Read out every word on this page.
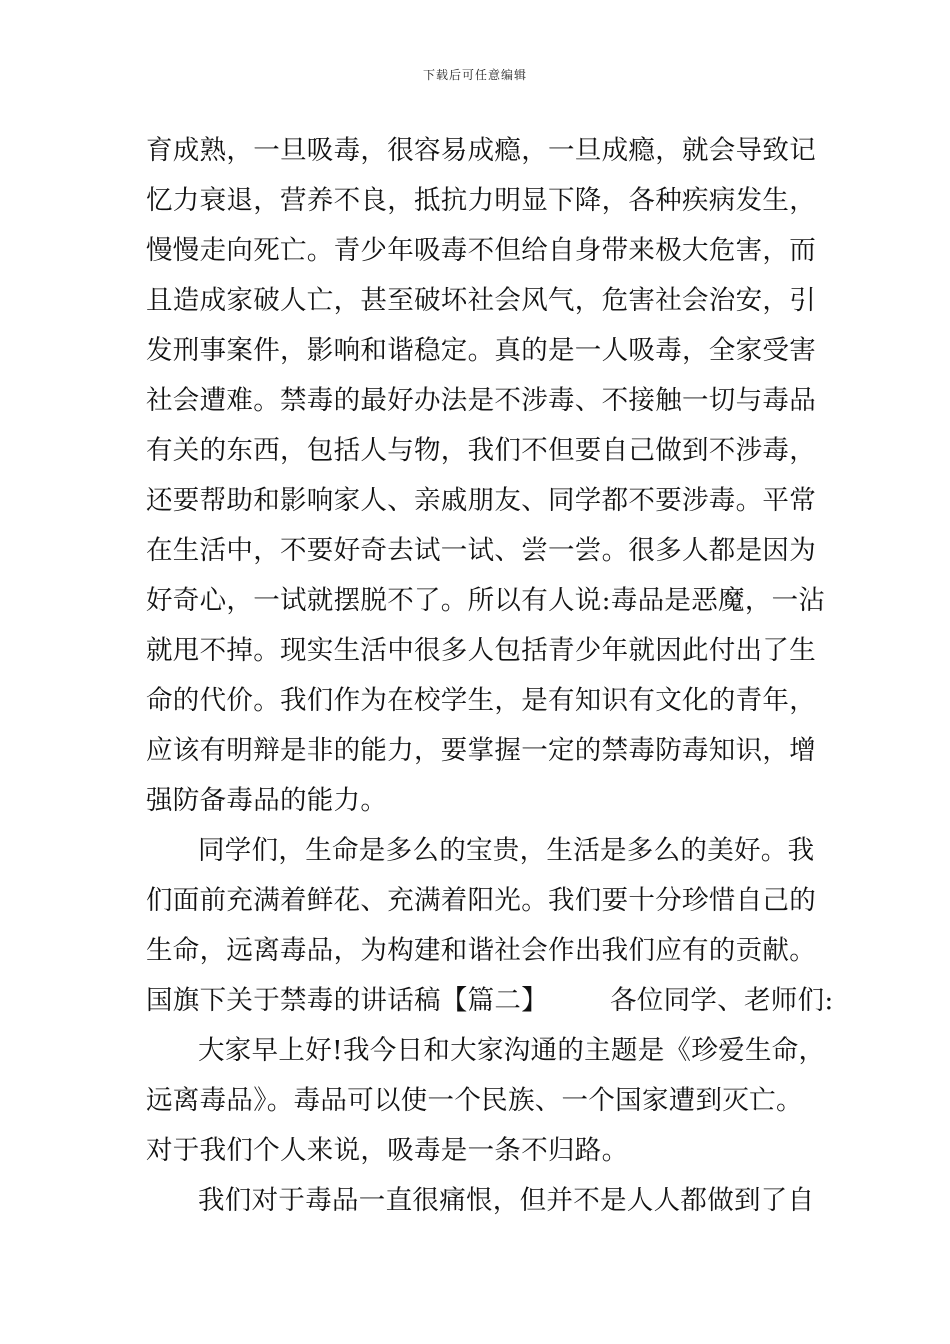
下载后可任意编辑
育成熟，一旦吸毒，很容易成瘾，一旦成瘾，就会导致记
忆力衰退，营养不良，抵抗力明显下降，各种疾病发生，
慢慢走向死亡。青少年吸毒不但给自身带来极大危害，而
且造成家破人亡，甚至破坏社会风气，危害社会治安，引
发刑事案件，影响和谐稳定。真的是一人吸毒，全家受害
社会遭难。禁毒的最好办法是不涉毒、不接触一切与毒品
有关的东西，包括人与物，我们不但要自己做到不涉毒，
还要帮助和影响家人、亲戚朋友、同学都不要涉毒。平常
在生活中，不要好奇去试一试、尝一尝。很多人都是因为
好奇心，一试就摆脱不了。所以有人说:毒品是恶魔，一沾
就甩不掉。现实生活中很多人包括青少年就因此付出了生
命的代价。我们作为在校学生，是有知识有文化的青年，
应该有明辩是非的能力，要掌握一定的禁毒防毒知识，增
强防备毒品的能力。
同学们，生命是多么的宝贵，生活是多么的美好。我
们面前充满着鲜花、充满着阳光。我们要十分珍惜自己的
生命，远离毒品，为构建和谐社会作出我们应有的贡献。
国旗下关于禁毒的讲话稿【篇二】 各位同学、老师们:
大家早上好!我今日和大家沟通的主题是《珍爱生命，
远离毒品》。毒品可以使一个民族、一个国家遭到灭亡。
对于我们个人来说，吸毒是一条不归路。
我们对于毒品一直很痛恨，但并不是人人都做到了自
